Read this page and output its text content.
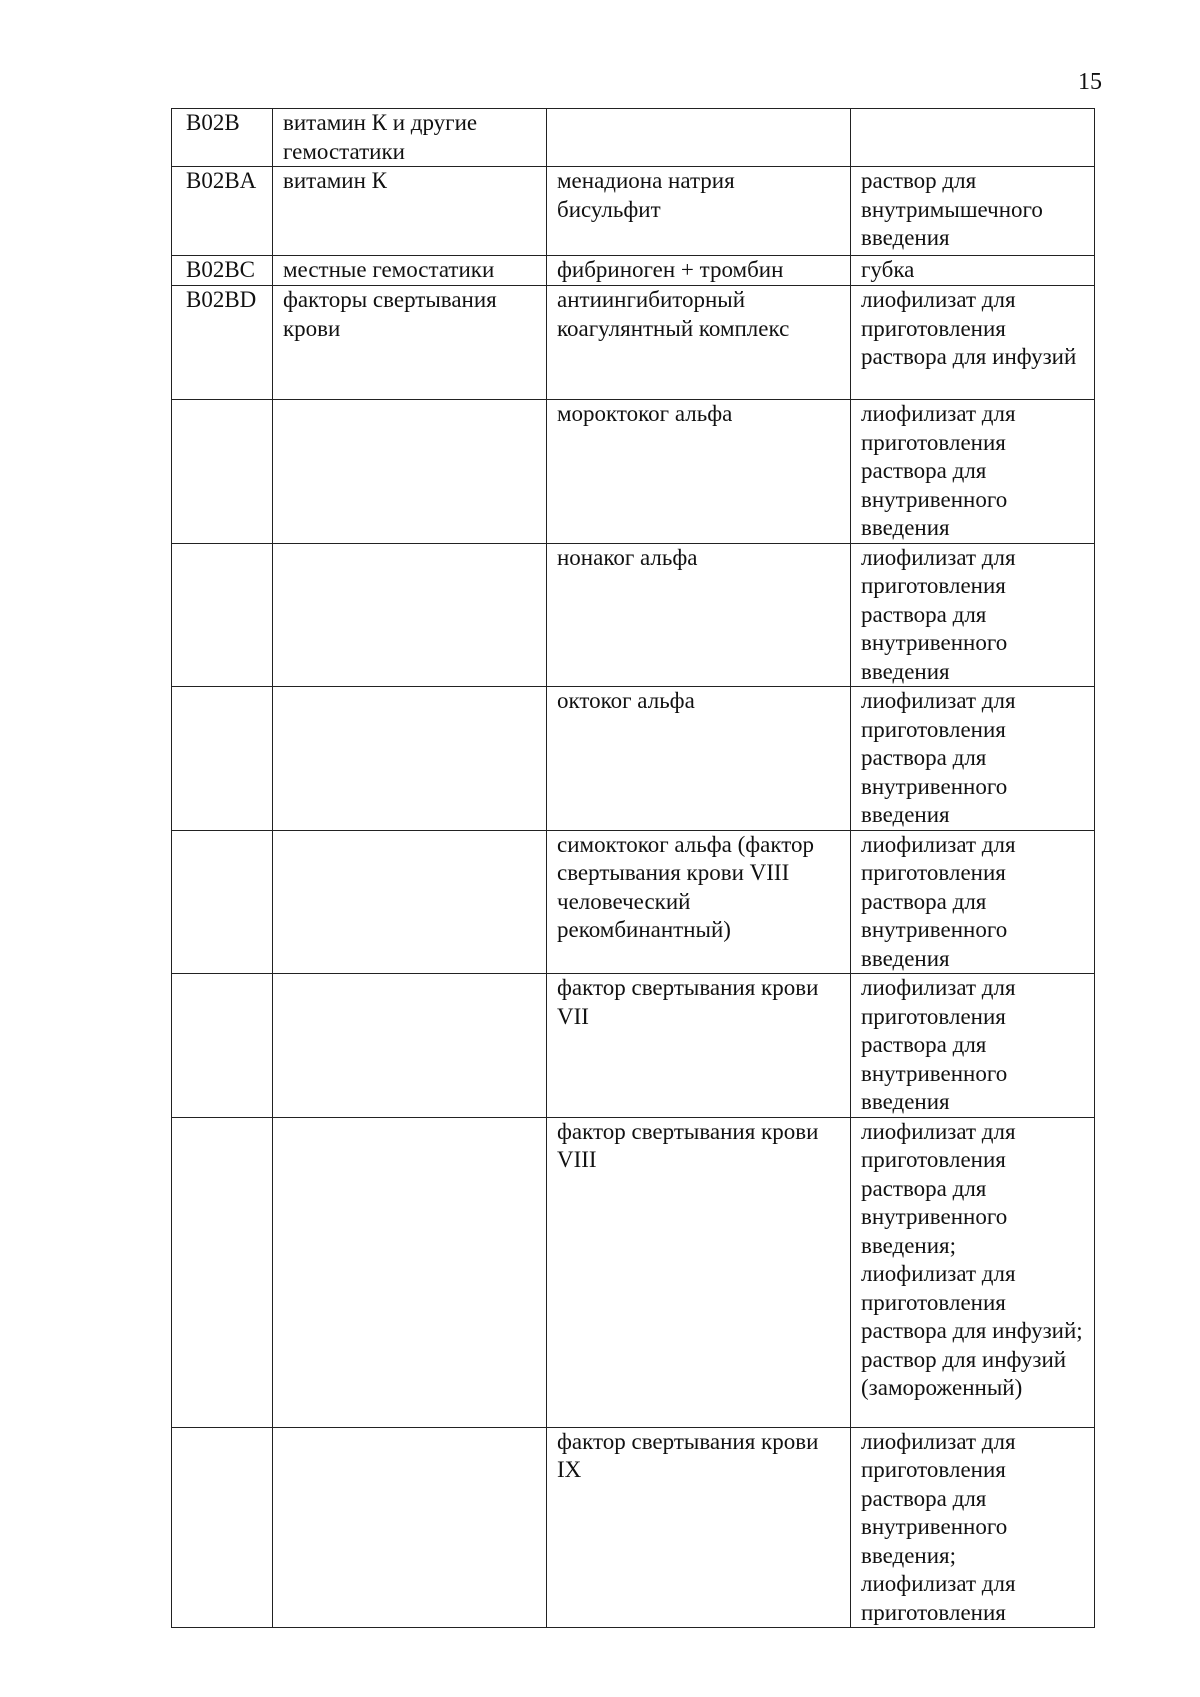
15
B02B	витамин К и другие гемостатики		
B02BA	витамин К	менадиона натрия бисульфит	раствор для внутримышечного введения
B02BC	местные гемостатики	фибриноген + тромбин	губка
B02BD	факторы свертывания крови	антиингибиторный коагулянтный комплекс	лиофилизат для приготовления раствора для инфузий
		мороктоког альфа	лиофилизат для приготовления раствора для внутривенного введения
		нонаког альфа	лиофилизат для приготовления раствора для внутривенного введения
		октоког альфа	лиофилизат для приготовления раствора для внутривенного введения
		симоктоког альфа (фактор свертывания крови VIII человеческий рекомбинантный)	лиофилизат для приготовления раствора для внутривенного введения
		фактор свертывания крови VII	лиофилизат для приготовления раствора для внутривенного введения
		фактор свертывания крови VIII	лиофилизат для приготовления раствора для внутривенного введения;
лиофилизат для приготовления раствора для инфузий;
раствор для инфузий (замороженный)
		фактор свертывания крови IX	лиофилизат для приготовления раствора для внутривенного введения;
лиофилизат для приготовления
